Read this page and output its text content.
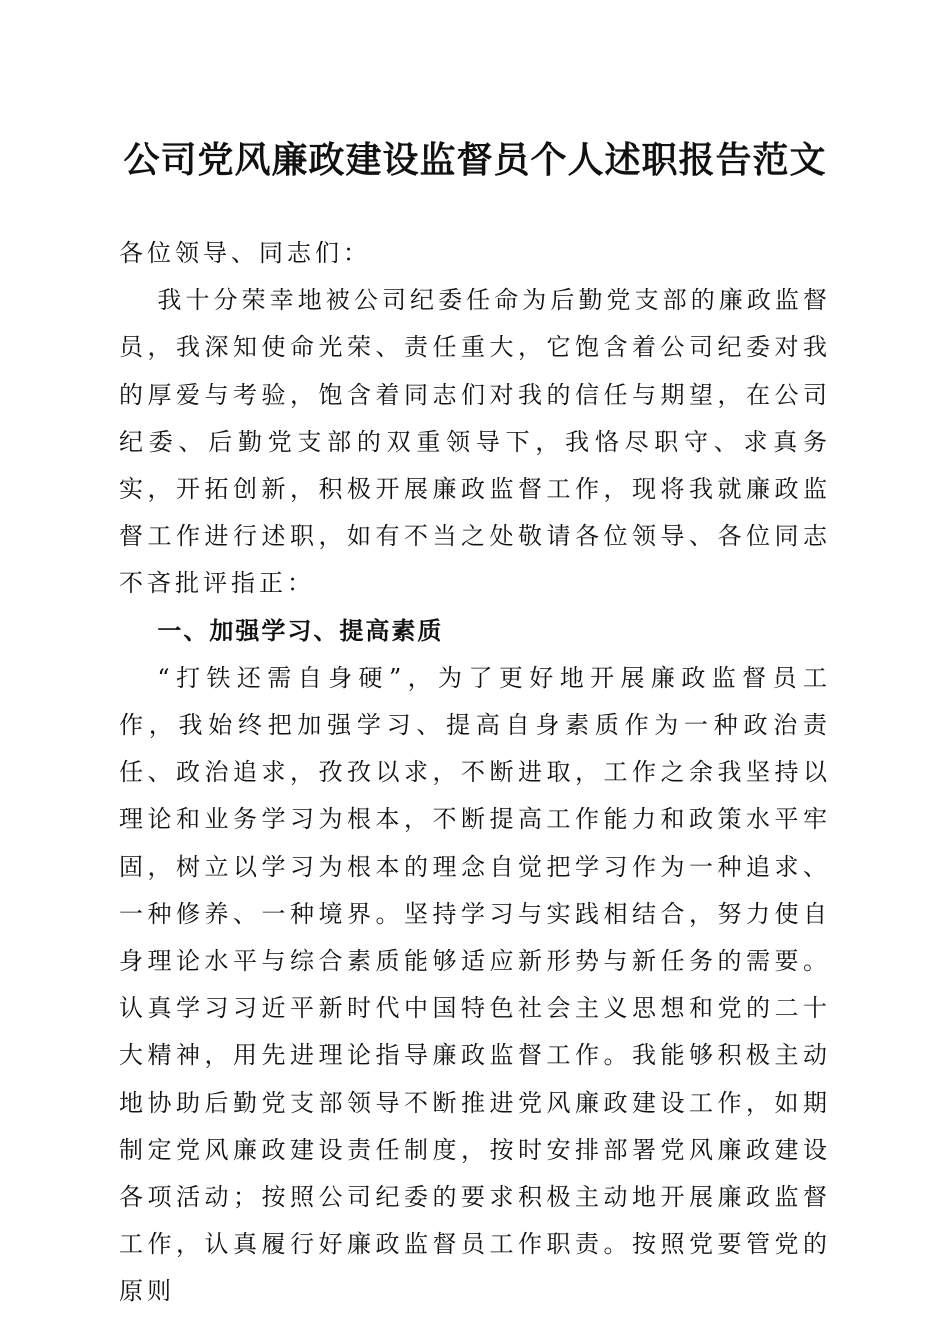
公司党风廉政建设监督员个人述职报告范文

各位领导、同志们：

我十分荣幸地被公司纪委任命为后勤党支部的廉政监督员，我深知使命光荣、责任重大，它饱含着公司纪委对我的厚爱与考验，饱含着同志们对我的信任与期望，在公司纪委、后勤党支部的双重领导下，我恪尽职守、求真务实，开拓创新，积极开展廉政监督工作，现将我就廉政监督工作进行述职，如有不当之处敬请各位领导、各位同志不吝批评指正：

一、加强学习、提高素质

“打铁还需自身硬”，为了更好地开展廉政监督员工作，我始终把加强学习、提高自身素质作为一种政治责任、政治追求，孜孜以求，不断进取，工作之余我坚持以理论和业务学习为根本，不断提高工作能力和政策水平牢固，树立以学习为根本的理念自觉把学习作为一种追求、一种修养、一种境界。坚持学习与实践相结合，努力使自身理论水平与综合素质能够适应新形势与新任务的需要。认真学习习近平新时代中国特色社会主义思想和党的二十大精神，用先进理论指导廉政监督工作。我能够积极主动地协助后勤党支部领导不断推进党风廉政建设工作，如期制定党风廉政建设责任制度，按时安排部署党风廉政建设各项活动；按照公司纪委的要求积极主动地开展廉政监督工作，认真履行好廉政监督员工作职责。按照党要管党的原则
